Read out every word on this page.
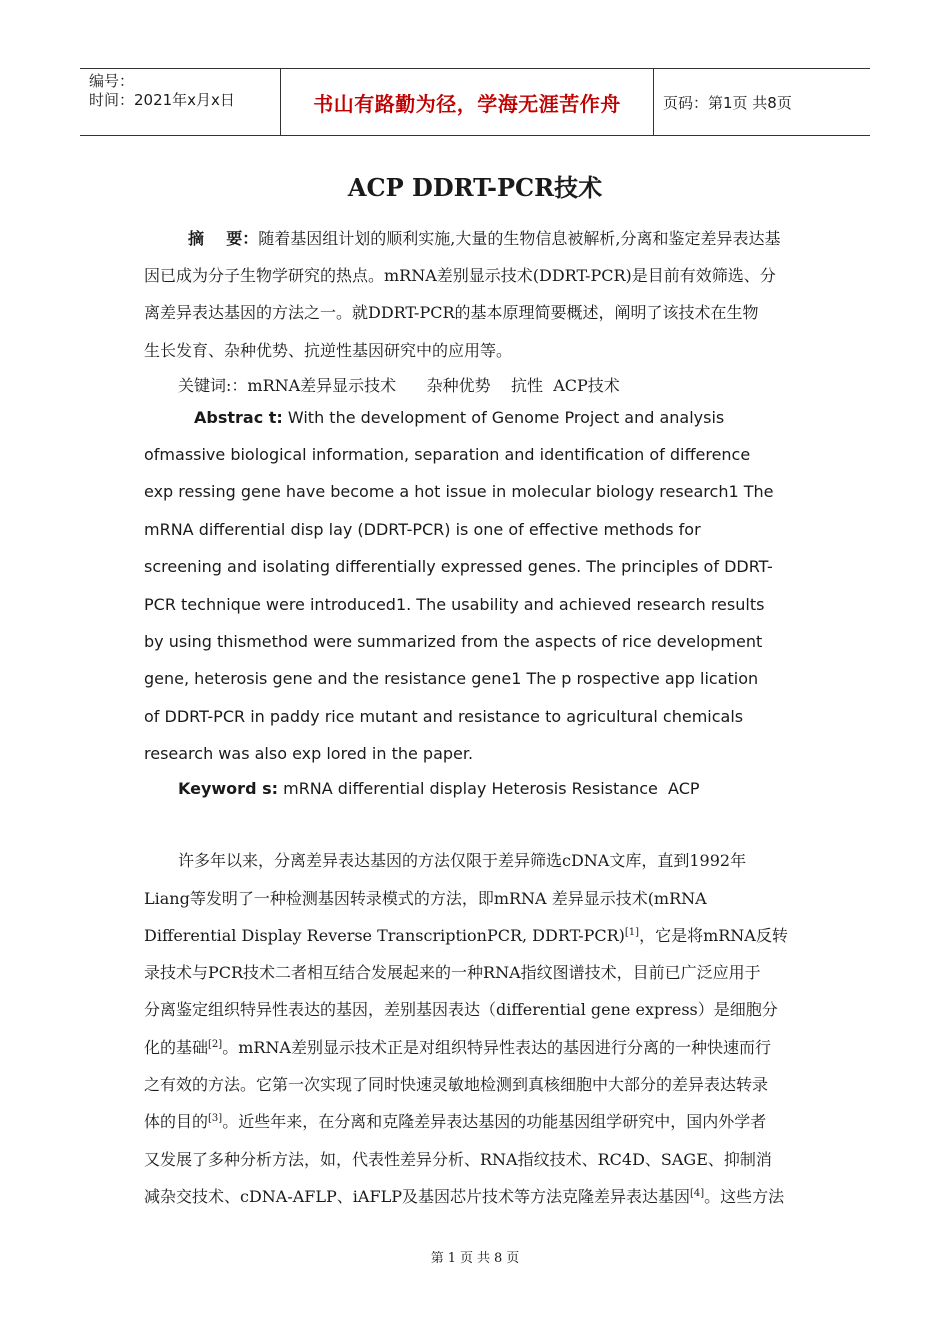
编号：
时间：2021年x月x日	书山有路勤为径，学海无涯苦作舟	页码：第1页 共8页
ACP DDRT-PCR技术
摘    要：随着基因组计划的顺利实施,大量的生物信息被解析,分离和鉴定差异表达基
因已成为分子生物学研究的热点。mRNA差别显示技术(DDRT-PCR)是目前有效筛选、分
离差异表达基因的方法之一。就DDRT-PCR的基本原理简要概述，阐明了该技术在生物
生长发育、杂种优势、抗逆性基因研究中的应用等。
关键词:：mRNA差异显示技术      杂种优势    抗性  ACP技术
Abstrac t: With the development of Genome Project and analysis
ofmassive biological information, separation and identification of difference
exp ressing gene have become a hot issue in molecular biology research1 The
mRNA differential disp lay (DDRT-PCR) is one of effective methods for
screening and isolating differentially expressed genes. The principles of DDRT-
PCR technique were introduced1. The usability and achieved research results
by using thismethod were summarized from the aspects of rice development
gene, heterosis gene and the resistance gene1 The p rospective app lication
of DDRT-PCR in paddy rice mutant and resistance to agricultural chemicals
research was also exp lored in the paper.
Keyword s: mRNA differential display Heterosis Resistance  ACP
许多年以来，分离差异表达基因的方法仅限于差异筛选cDNA文库，直到1992年
Liang等发明了一种检测基因转录模式的方法，即mRNA 差异显示技术(mRNA
Differential Display Reverse TranscriptionPCR, DDRT-PCR)[1]，它是将mRNA反转
录技术与PCR技术二者相互结合发展起来的一种RNA指纹图谱技术，目前已广泛应用于
分离鉴定组织特异性表达的基因，差别基因表达（differential gene express）是细胞分
化的基础[2]。mRNA差别显示技术正是对组织特异性表达的基因进行分离的一种快速而行
之有效的方法。它第一次实现了同时快速灵敏地检测到真核细胞中大部分的差异表达转录
体的目的[3]。近些年来，在分离和克隆差异表达基因的功能基因组学研究中，国内外学者
又发展了多种分析方法，如，代表性差异分析、RNA指纹技术、RC4D、SAGE、抑制消
减杂交技术、cDNA-AFLP、iAFLP及基因芯片技术等方法克隆差异表达基因[4]。这些方法
第 1 页 共 8 页
